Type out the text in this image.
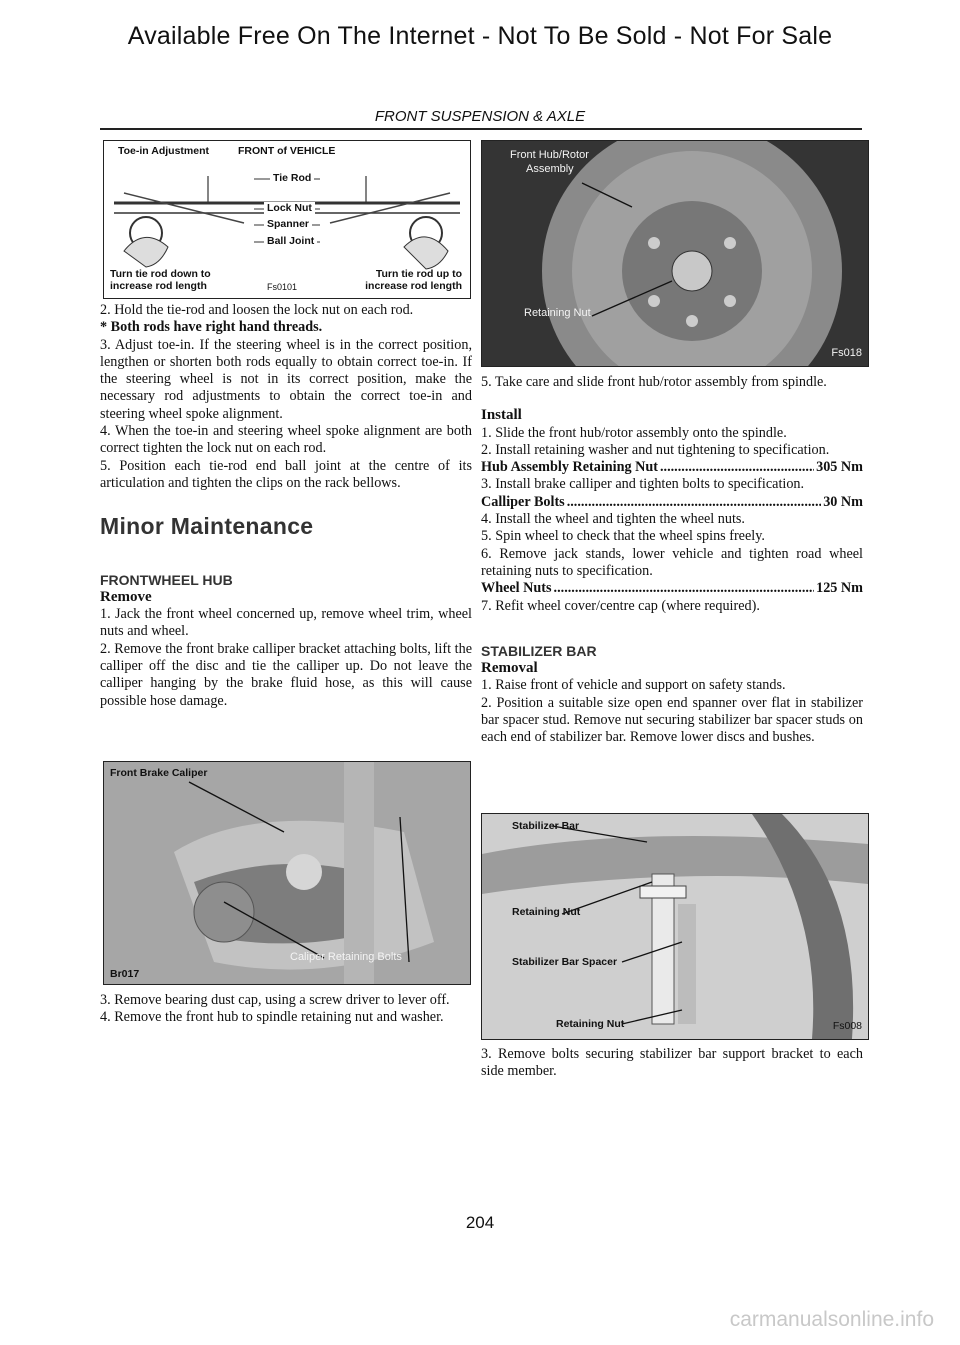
Available Free On The Internet - Not To Be Sold - Not For Sale
FRONT SUSPENSION & AXLE
Toe-in Adjustment	FRONT of VEHICLE
Tie Rod
Lock Nut
Spanner
Ball Joint
Turn tie rod down to
increase rod length	Fs0101
Turn tie rod up to
increase rod length

2. Hold the tie-rod and loosen the lock nut on each rod.

* Both rods have right hand threads.

3. Adjust toe-in. If the steering wheel is in the correct position, lengthen or shorten both rods equally to obtain correct toe-in. If the steering wheel is not in its correct position, make the necessary rod adjustments to obtain the correct toe-in and steering wheel spoke alignment.

4. When the toe-in and steering wheel spoke alignment are both correct tighten the lock nut on each rod.

5. Position each tie-rod end ball joint at the centre of its articulation and tighten the clips on the rack bellows.

Minor Maintenance

FRONTWHEEL HUB

Remove

1. Jack the front wheel concerned up, remove wheel trim, wheel nuts and wheel.

2. Remove the front brake calliper bracket attaching bolts, lift the calliper off the disc and tie the calliper up. Do not leave the calliper hanging by the brake fluid hose, as this will cause possible hose damage.

Front Brake Caliper
Caliper Retaining Bolts
Br017

3. Remove bearing dust cap, using a screw driver to lever off.

4. Remove the front hub to spindle retaining nut and washer.

Front Hub/Rotor
Assembly
Retaining Nut
Fs018

5. Take care and slide front hub/rotor assembly from spindle.

Install

1. Slide the front hub/rotor assembly onto the spindle.

2. Install retaining washer and nut tightening to specification.

Hub Assembly Retaining Nut .....	305 Nm

3. Install brake calliper and tighten bolts to specification.

Calliper Bolts .....	30 Nm

4. Install the wheel and tighten the wheel nuts.

5. Spin wheel to check that the wheel spins freely.

6. Remove jack stands, lower vehicle and tighten road wheel retaining nuts to specification.

Wheel Nuts .....	125 Nm

7. Refit wheel cover/centre cap (where required).

STABILIZER BAR

Removal

1. Raise front of vehicle and support on safety stands.

2. Position a suitable size open end spanner over flat in stabilizer bar spacer stud. Remove nut securing stabilizer bar spacer studs on each end of stabilizer bar. Remove lower discs and bushes.

Stabilizer Bar
Retaining Nut
Stabilizer Bar Spacer
Retaining Nut	Fs008

3. Remove bolts securing stabilizer bar support bracket to each side member.

204
carmanualsonline.info
